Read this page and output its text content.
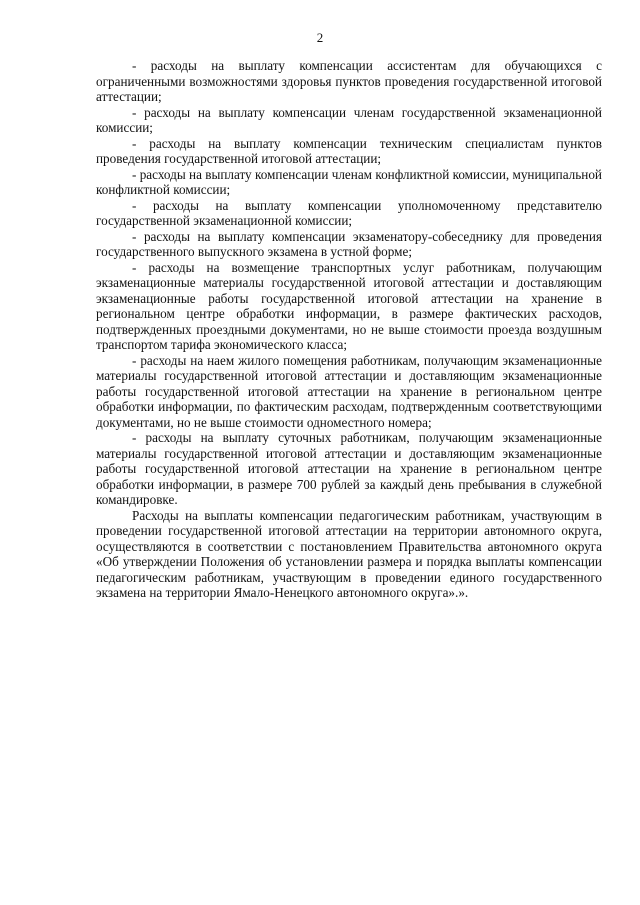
2

- расходы на выплату компенсации ассистентам для обучающихся с ограниченными возможностями здоровья пунктов проведения государственной итоговой аттестации;

- расходы на выплату компенсации членам государственной экзаменационной комиссии;

- расходы на выплату компенсации техническим специалистам пунктов проведения государственной итоговой аттестации;

- расходы на выплату компенсации членам конфликтной комиссии, муниципальной конфликтной комиссии;

- расходы на выплату компенсации уполномоченному представителю государственной экзаменационной комиссии;

- расходы на выплату компенсации экзаменатору-собеседнику для проведения государственного выпускного экзамена в устной форме;

- расходы на возмещение транспортных услуг работникам, получающим экзаменационные материалы государственной итоговой аттестации и доставляющим экзаменационные работы государственной итоговой аттестации на хранение в региональном центре обработки информации, в размере фактических расходов, подтвержденных проездными документами, но не выше стоимости проезда воздушным транспортом тарифа экономического класса;

- расходы на наем жилого помещения работникам, получающим экзаменационные материалы государственной итоговой аттестации и доставляющим экзаменационные работы государственной итоговой аттестации на хранение в региональном центре обработки информации, по фактическим расходам, подтвержденным соответствующими документами, но не выше стоимости одноместного номера;

- расходы на выплату суточных работникам, получающим экзаменационные материалы государственной итоговой аттестации и доставляющим экзаменационные работы государственной итоговой аттестации на хранение в региональном центре обработки информации, в размере 700 рублей за каждый день пребывания в служебной командировке.

Расходы на выплаты компенсации педагогическим работникам, участвующим в проведении государственной итоговой аттестации на территории автономного округа, осуществляются в соответствии с постановлением Правительства автономного округа «Об утверждении Положения об установлении размера и порядка выплаты компенсации педагогическим работникам, участвующим в проведении единого государственного экзамена на территории Ямало-Ненецкого автономного округа».».
